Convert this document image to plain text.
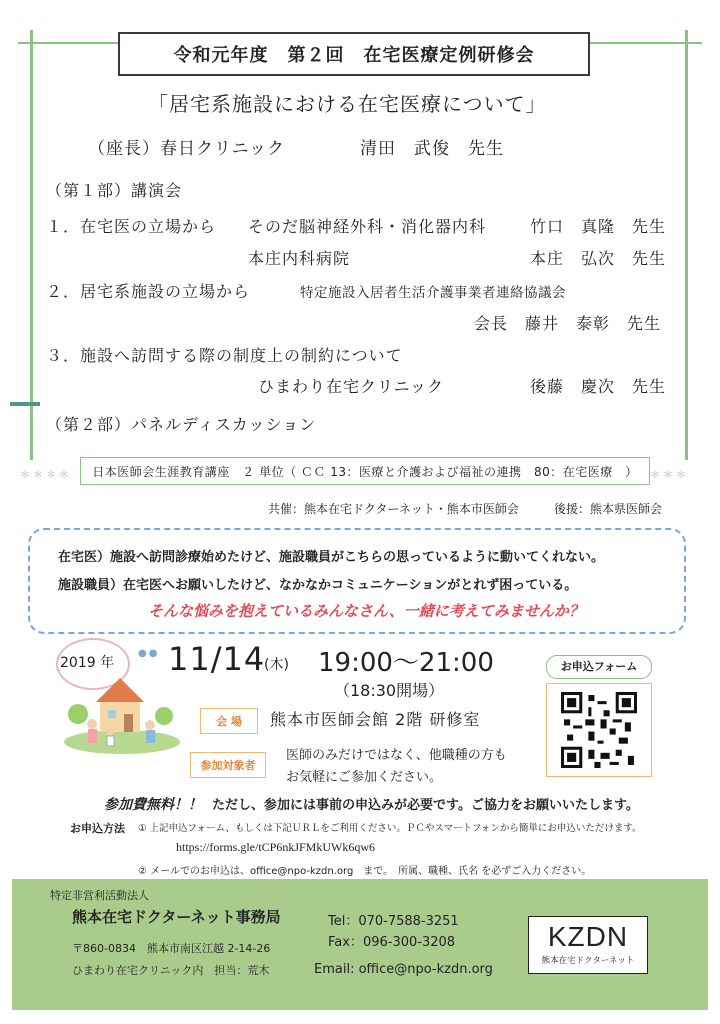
令和元年度　第２回　在宅医療定例研修会
「居宅系施設における在宅医療について」
（座長）春日クリニック	清田　武俊　先生
（第１部）講演会
１．在宅医の立場から そのだ脳神経外科・消化器内科	竹口　真隆　先生
本庄内科病院	本庄　弘次　先生
２．居宅系施設の立場から	特定施設入居者生活介護事業者連絡協議会
会長　藤井　泰彰　先生
３．施設へ訪問する際の制度上の制約について
ひまわり在宅クリニック	後藤　慶次　先生
（第２部）パネルディスカッション
＊＊＊＊	＊＊＊
日本医師会生涯教育講座　２ 単位（ ＣＣ 13：医療と介護および福祉の連携　80：在宅医療　）
共催：熊本在宅ドクターネット・熊本市医師会	後援：熊本県医師会
在宅医）施設へ訪問診療始めたけど、施設職員がこちらの思っているように動いてくれない。
施設職員）在宅医へお願いしたけど、なかなかコミュニケーションがとれず困っている。
そんな悩みを抱えているみんなさん、一緒に考えてみませんか？
2019 年
●● 11/14
(木) 19:00～21:00
（18:30開場）
会 場	熊本市医師会館 2階 研修室
参加対象者
医師のみだけではなく、他職種の方も
お気軽にご参加ください。
お申込フォーム
参加費無料！！ ただし、参加には事前の申込みが必要です。ご協力をお願いいたします。
お申込方法 ① 上記申込フォーム、もしくは下記ＵＲＬをご利用ください。ＰＣやスマートフォンから簡単にお申込いただけます。
https://forms.gle/tCP6nkJFMkUWk6qw6
② メールでのお申込は、office@npo-kzdn.org　 まで。　所属、職種、氏名 を必ずご入力ください。
特定非営利活動法人
熊本在宅ドクターネット事務局
〒860-0834　熊本市南区江越 2-14-26
ひまわり在宅クリニック内　担当：荒木
Tel：070-7588-3251
Fax：096-300-3208
Email: office@npo-kzdn.org
KZDN
熊本在宅ドクターネット
